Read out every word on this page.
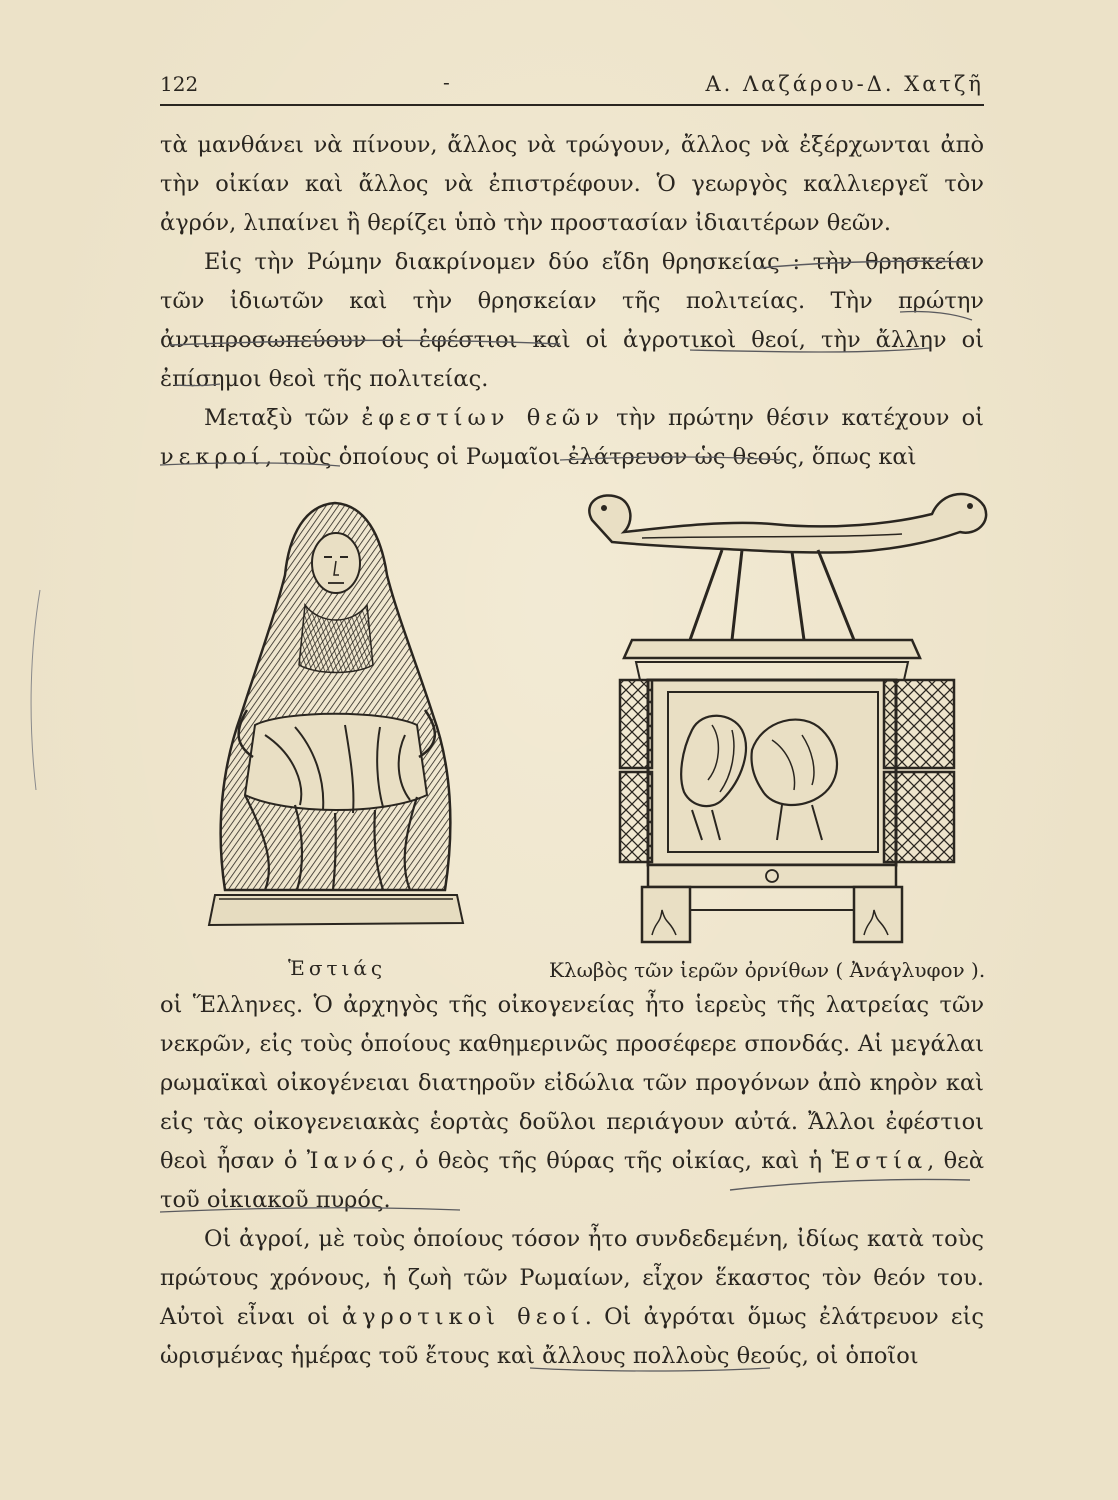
122	-	Α. Λαζάρου-Δ. Χατζῆ

τὰ μανθάνει νὰ πίνουν, ἄλλος νὰ τρώγουν, ἄλλος νὰ ἐξέρχωνται ἀπὸ τὴν οἰκίαν καὶ ἄλλος νὰ ἐπιστρέφουν. Ὁ γεωργὸς καλλιεργεῖ τὸν ἀγρόν, λιπαίνει ἢ θερίζει ὑπὸ τὴν προστασίαν ἰδιαιτέρων θεῶν.

Εἰς τὴν Ρώμην διακρίνομεν δύο εἴδη θρησκείας : τὴν θρησκείαν τῶν ἰδιωτῶν καὶ τὴν θρησκείαν τῆς πολιτείας. Τὴν πρώτην ἀντιπροσωπεύουν οἱ ἐφέστιοι καὶ οἱ ἀγροτικοὶ θεοί, τὴν ἄλλην οἱ ἐπίσημοι θεοὶ τῆς πολιτείας.

Μεταξὺ τῶν ἐφεστίων θεῶν τὴν πρώτην θέσιν κατέχουν οἱ νεκροί, τοὺς ὁποίους οἱ Ρωμαῖοι ἐλάτρευον ὡς θεούς, ὅπως καὶ

Ἑστιάς	Κλωβὸς τῶν ἱερῶν ὀρνίθων ( Ἀνάγλυφον ).

οἱ Ἕλληνες. Ὁ ἀρχηγὸς τῆς οἰκογενείας ἦτο ἱερεὺς τῆς λατρείας τῶν νεκρῶν, εἰς τοὺς ὁποίους καθημερινῶς προσέφερε σπονδάς. Αἱ μεγάλαι ρωμαϊκαὶ οἰκογένειαι διατηροῦν εἰδώλια τῶν προγόνων ἀπὸ κηρὸν καὶ εἰς τὰς οἰκογενειακὰς ἑορτὰς δοῦλοι περιάγουν αὐτά. Ἄλλοι ἐφέστιοι θεοὶ ἦσαν ὁ Ἰανός, ὁ θεὸς τῆς θύρας τῆς οἰκίας, καὶ ἡ Ἑστία, θεὰ τοῦ οἰκιακοῦ πυρός.

Οἱ ἀγροί, μὲ τοὺς ὁποίους τόσον ἦτο συνδεδεμένη, ἰδίως κατὰ τοὺς πρώτους χρόνους, ἡ ζωὴ τῶν Ρωμαίων, εἶχον ἕκαστος τὸν θεόν του. Αὐτοὶ εἶναι οἱ ἀγροτικοὶ θεοί. Οἱ ἀγρόται ὅμως ἐλάτρευον εἰς ὡρισμένας ἡμέρας τοῦ ἔτους καὶ ἄλλους πολλοὺς θεούς, οἱ ὁποῖοι
